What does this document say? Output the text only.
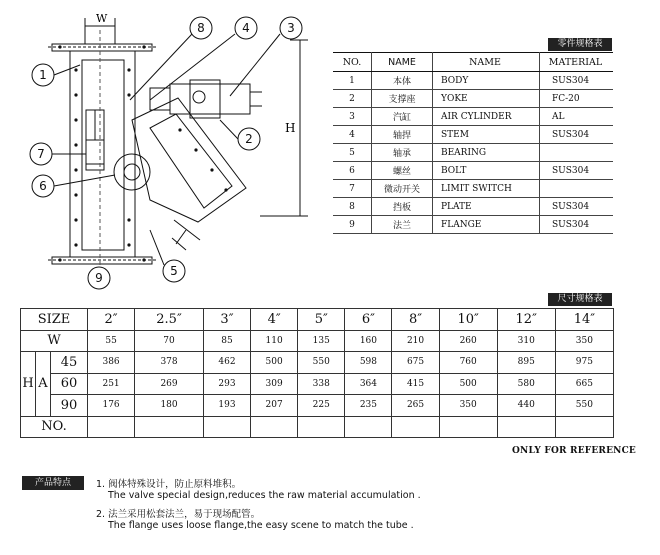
W
H
1
2
3
4
5
6
7
8
9
零件规格表
NO.	NAME	NAME	MATERIAL
1	本体	BODY	SUS304
2	支撑座	YOKE	FC-20
3	汽缸	AIR CYLINDER	AL
4	轴捍	STEM	SUS304
5	轴承	BEARING	
6	螺丝	BOLT	SUS304
7	微动开关	LIMIT SWITCH	
8	挡板	PLATE	SUS304
9	法兰	FLANGE	SUS304
尺寸规格表
SIZE			2″	2.5″	3″	4″	5″	6″	8″	10″	12″	14″
W			55	70	85	110	135	160	210	260	310	350
H	A	45	386	378	462	500	550	598	675	760	895	975
		60	251	269	293	309	338	364	415	500	580	665
		90	176	180	193	207	225	235	265	350	440	550
NO.												
ONLY FOR REFERENCE
产品特点	1. 阀体特殊设计，防止原料堆积。
The valve special design,reduces the raw material accumulation .
2. 法兰采用松套法兰，易于现场配管。
The flange uses loose flange,the easy scene to match the tube .
